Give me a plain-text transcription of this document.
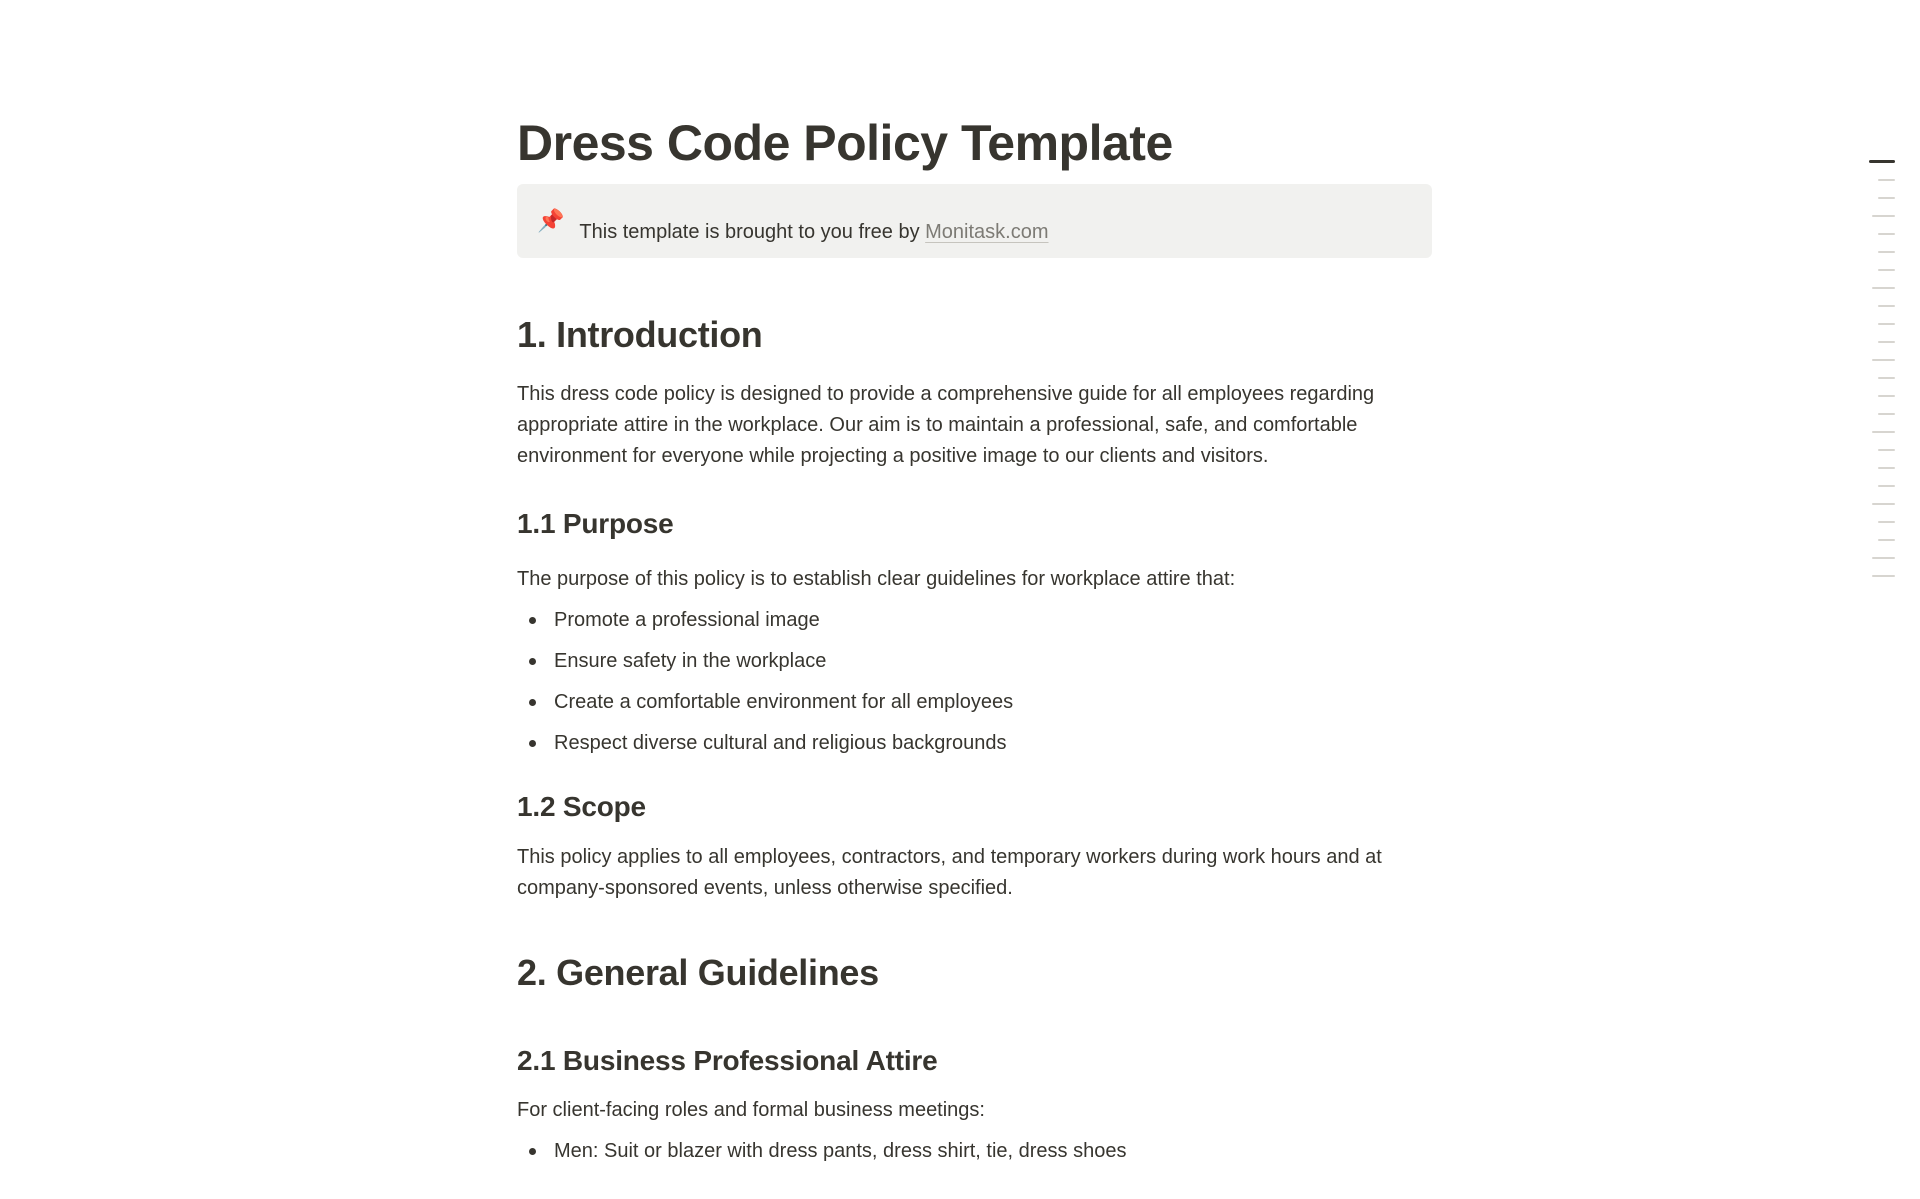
Dress Code Policy Template
📌 This template is brought to you free by Monitask.com

1. Introduction

This dress code policy is designed to provide a comprehensive guide for all employees regarding appropriate attire in the workplace. Our aim is to maintain a professional, safe, and comfortable environment for everyone while projecting a positive image to our clients and visitors.

1.1 Purpose

The purpose of this policy is to establish clear guidelines for workplace attire that:

Promote a professional image
Ensure safety in the workplace
Create a comfortable environment for all employees
Respect diverse cultural and religious backgrounds
1.2 Scope

This policy applies to all employees, contractors, and temporary workers during work hours and at company-sponsored events, unless otherwise specified.

2. General Guidelines
2.1 Business Professional Attire

For client-facing roles and formal business meetings:

Men: Suit or blazer with dress pants, dress shirt, tie, dress shoes
